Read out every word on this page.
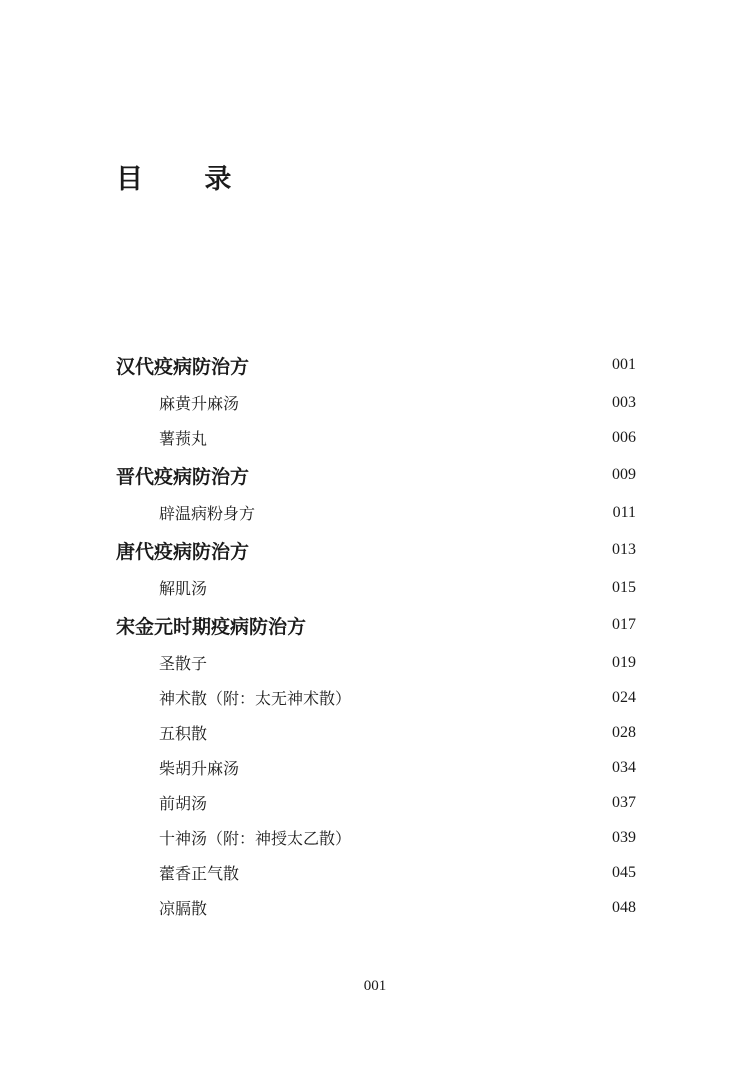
目 录
汉代疫病防治方	001
麻黄升麻汤	003
薯蓣丸	006
晋代疫病防治方	009
辟温病粉身方	011
唐代疫病防治方	013
解肌汤	015
宋金元时期疫病防治方	017
圣散子	019
神术散（附：太无神术散）	024
五积散	028
柴胡升麻汤	034
前胡汤	037
十神汤（附：神授太乙散）	039
藿香正气散	045
凉膈散	048
001
